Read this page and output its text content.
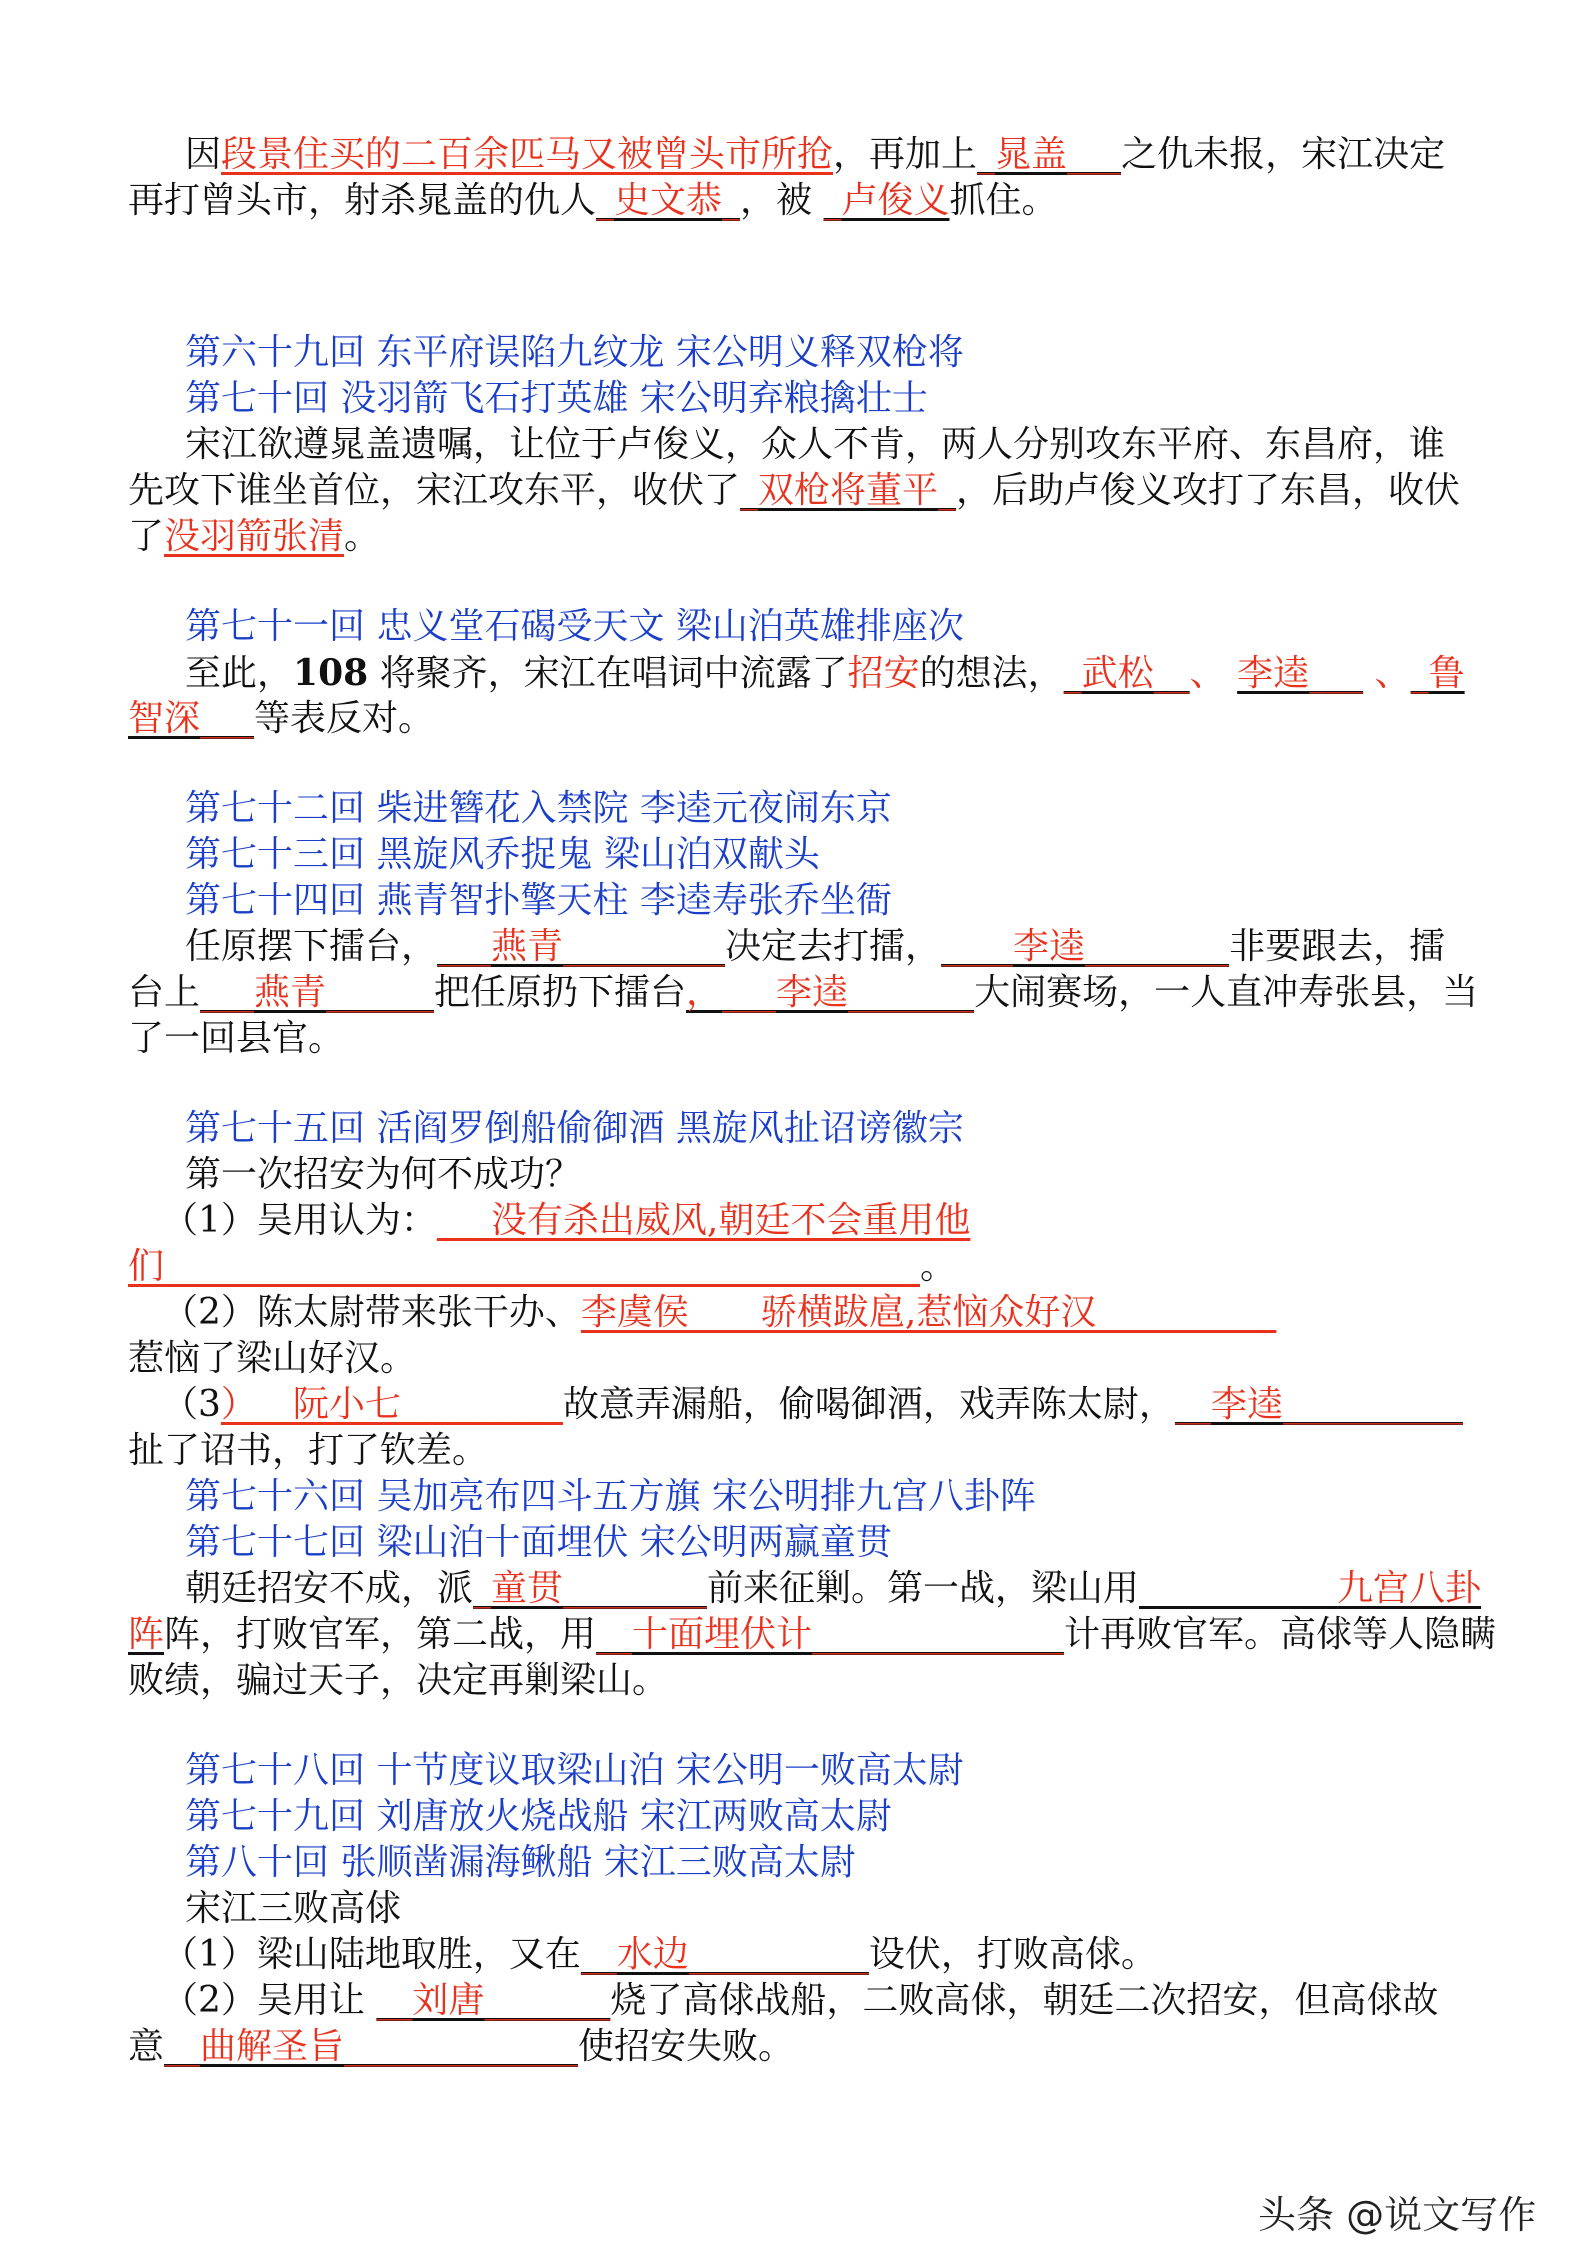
因段景住买的二百余匹马又被曾头市所抢，再加上_晁盖___之仇未报，宋江决定
再打曾头市，射杀晁盖的仇人_史文恭_，被 _卢俊义抓住。
第六十九回 东平府误陷九纹龙 宋公明义释双枪将
第七十回 没羽箭飞石打英雄 宋公明弃粮擒壮士
宋江欲遵晁盖遗嘱，让位于卢俊义，众人不肯，两人分别攻东平府、东昌府，谁
先攻下谁坐首位，宋江攻东平，收伏了_双枪将董平_，后助卢俊义攻打了东昌，收伏
了没羽箭张清。
第七十一回 忠义堂石碣受天文 梁山泊英雄排座次
至此，108 将聚齐，宋江在唱词中流露了招安的想法，_武松__、 李逵___ 、_鲁
智深___等表反对。
第七十二回 柴进簪花入禁院 李逵元夜闹东京
第七十三回 黑旋风乔捉鬼 梁山泊双献头
第七十四回 燕青智扑擎天柱 李逵寿张乔坐衙
任原摆下擂台，___燕青_________决定去打擂，____李逵________非要跟去，擂
台上___燕青______把任原扔下擂台，___李逵_______大闹赛场，一人直冲寿张县，当
了一回县官。
第七十五回 活阎罗倒船偷御酒 黑旋风扯诏谤徽宗
第一次招安为何不成功？
（1）吴用认为：___没有杀出威风,朝廷不会重用他
们__________________________________________。
（2）陈太尉带来张干办、李虞侯____骄横跋扈,惹恼众好汉__________
惹恼了梁山好汉。
（3）__阮小七_________故意弄漏船，偷喝御酒，戏弄陈太尉，__李逵__________
扯了诏书，打了钦差。
第七十六回 吴加亮布四斗五方旗 宋公明排九宫八卦阵
第七十七回 梁山泊十面埋伏 宋公明两赢童贯
朝廷招安不成，派_童贯________前来征剿。第一战，梁山用___________九宫八卦
阵阵，打败官军，第二战，用__十面埋伏计______________计再败官军。高俅等人隐瞒
败绩，骗过天子，决定再剿梁山。
第七十八回 十节度议取梁山泊 宋公明一败高太尉
第七十九回 刘唐放火烧战船 宋江两败高太尉
第八十回 张顺凿漏海鳅船 宋江三败高太尉
宋江三败高俅
（1）梁山陆地取胜，又在__水边__________设伏，打败高俅。
（2）吴用让 __刘唐_______烧了高俅战船，二败高俅，朝廷二次招安，但高俅故
意__曲解圣旨_____________使招安失败。
头条 @说文写作
